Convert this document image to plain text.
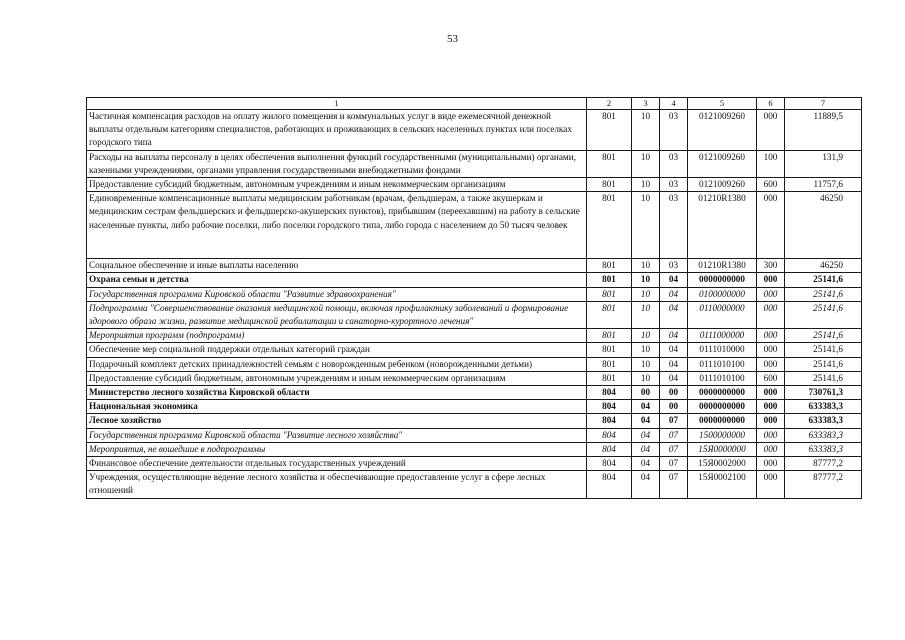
53
1	2	3	4	5	6	7
Частичная компенсация расходов на оплату жилого помещения и коммунальных услуг в виде ежемесячной денежной выплаты отдельным категориям специалистов, работающих и проживающих в сельских населенных пунктах или поселках городского типа	801	10	03	0121009260	000	11889,5
Расходы на выплаты персоналу в целях обеспечения выполнения функций государственными (муниципальными) органами, казенными учреждениями, органами управления государственными внебюджетными фондами	801	10	03	0121009260	100	131,9
Предоставление субсидий бюджетным, автономным учреждениям и иным некоммерческим организациям	801	10	03	0121009260	600	11757,6
Единовременные компенсационные выплаты медицинским работникам (врачам, фельдшерам, а также акушеркам и медицинским сестрам фельдшерских и фельдшерско-акушерских пунктов), прибывшим (переехавшим) на работу в сельские населенные пункты, либо рабочие поселки, либо поселки городского типа, либо города с населением до 50 тысяч человек	801	10	03	01210R1380	000	46250
Социальное обеспечение и иные выплаты населению	801	10	03	01210R1380	300	46250
Охрана семьи и детства	801	10	04	0000000000	000	25141,6
Государственная программа Кировской области "Развитие здравоохранения"	801	10	04	0100000000	000	25141,6
Подпрограмма "Совершенствование оказания медицинской помощи, включая профилактику заболеваний и формирование здорового образа жизни, развитие медицинской реабилитации и санаторно-курортного лечения"	801	10	04	0110000000	000	25141,6
Мероприятия программ (подпрограмм)	801	10	04	0111000000	000	25141,6
Обеспечение мер социальной поддержки отдельных категорий граждан	801	10	04	0111010000	000	25141,6
Подарочный комплект детских принадлежностей семьям с новорожденным ребенком (новорожденными детьми)	801	10	04	0111010100	000	25141,6
Предоставление субсидий бюджетным, автономным учреждениям и иным некоммерческим организациям	801	10	04	0111010100	600	25141,6
Министерство лесного хозяйства Кировской области	804	00	00	0000000000	000	730761,3
Национальная экономика	804	04	00	0000000000	000	633383,3
Лесное хозяйство	804	04	07	0000000000	000	633383,3
Государственная программа Кировской области "Развитие лесного хозяйства"	804	04	07	1500000000	000	633383,3
Мероприятия, не вошедшие в подпрограммы	804	04	07	15Я0000000	000	633383,3
Финансовое обеспечение деятельности отдельных государственных учреждений	804	04	07	15Я0002000	000	87777,2
Учреждения, осуществляющие ведение лесного хозяйства и обеспечивающие предоставление услуг в сфере лесных отношений	804	04	07	15Я0002100	000	87777,2
